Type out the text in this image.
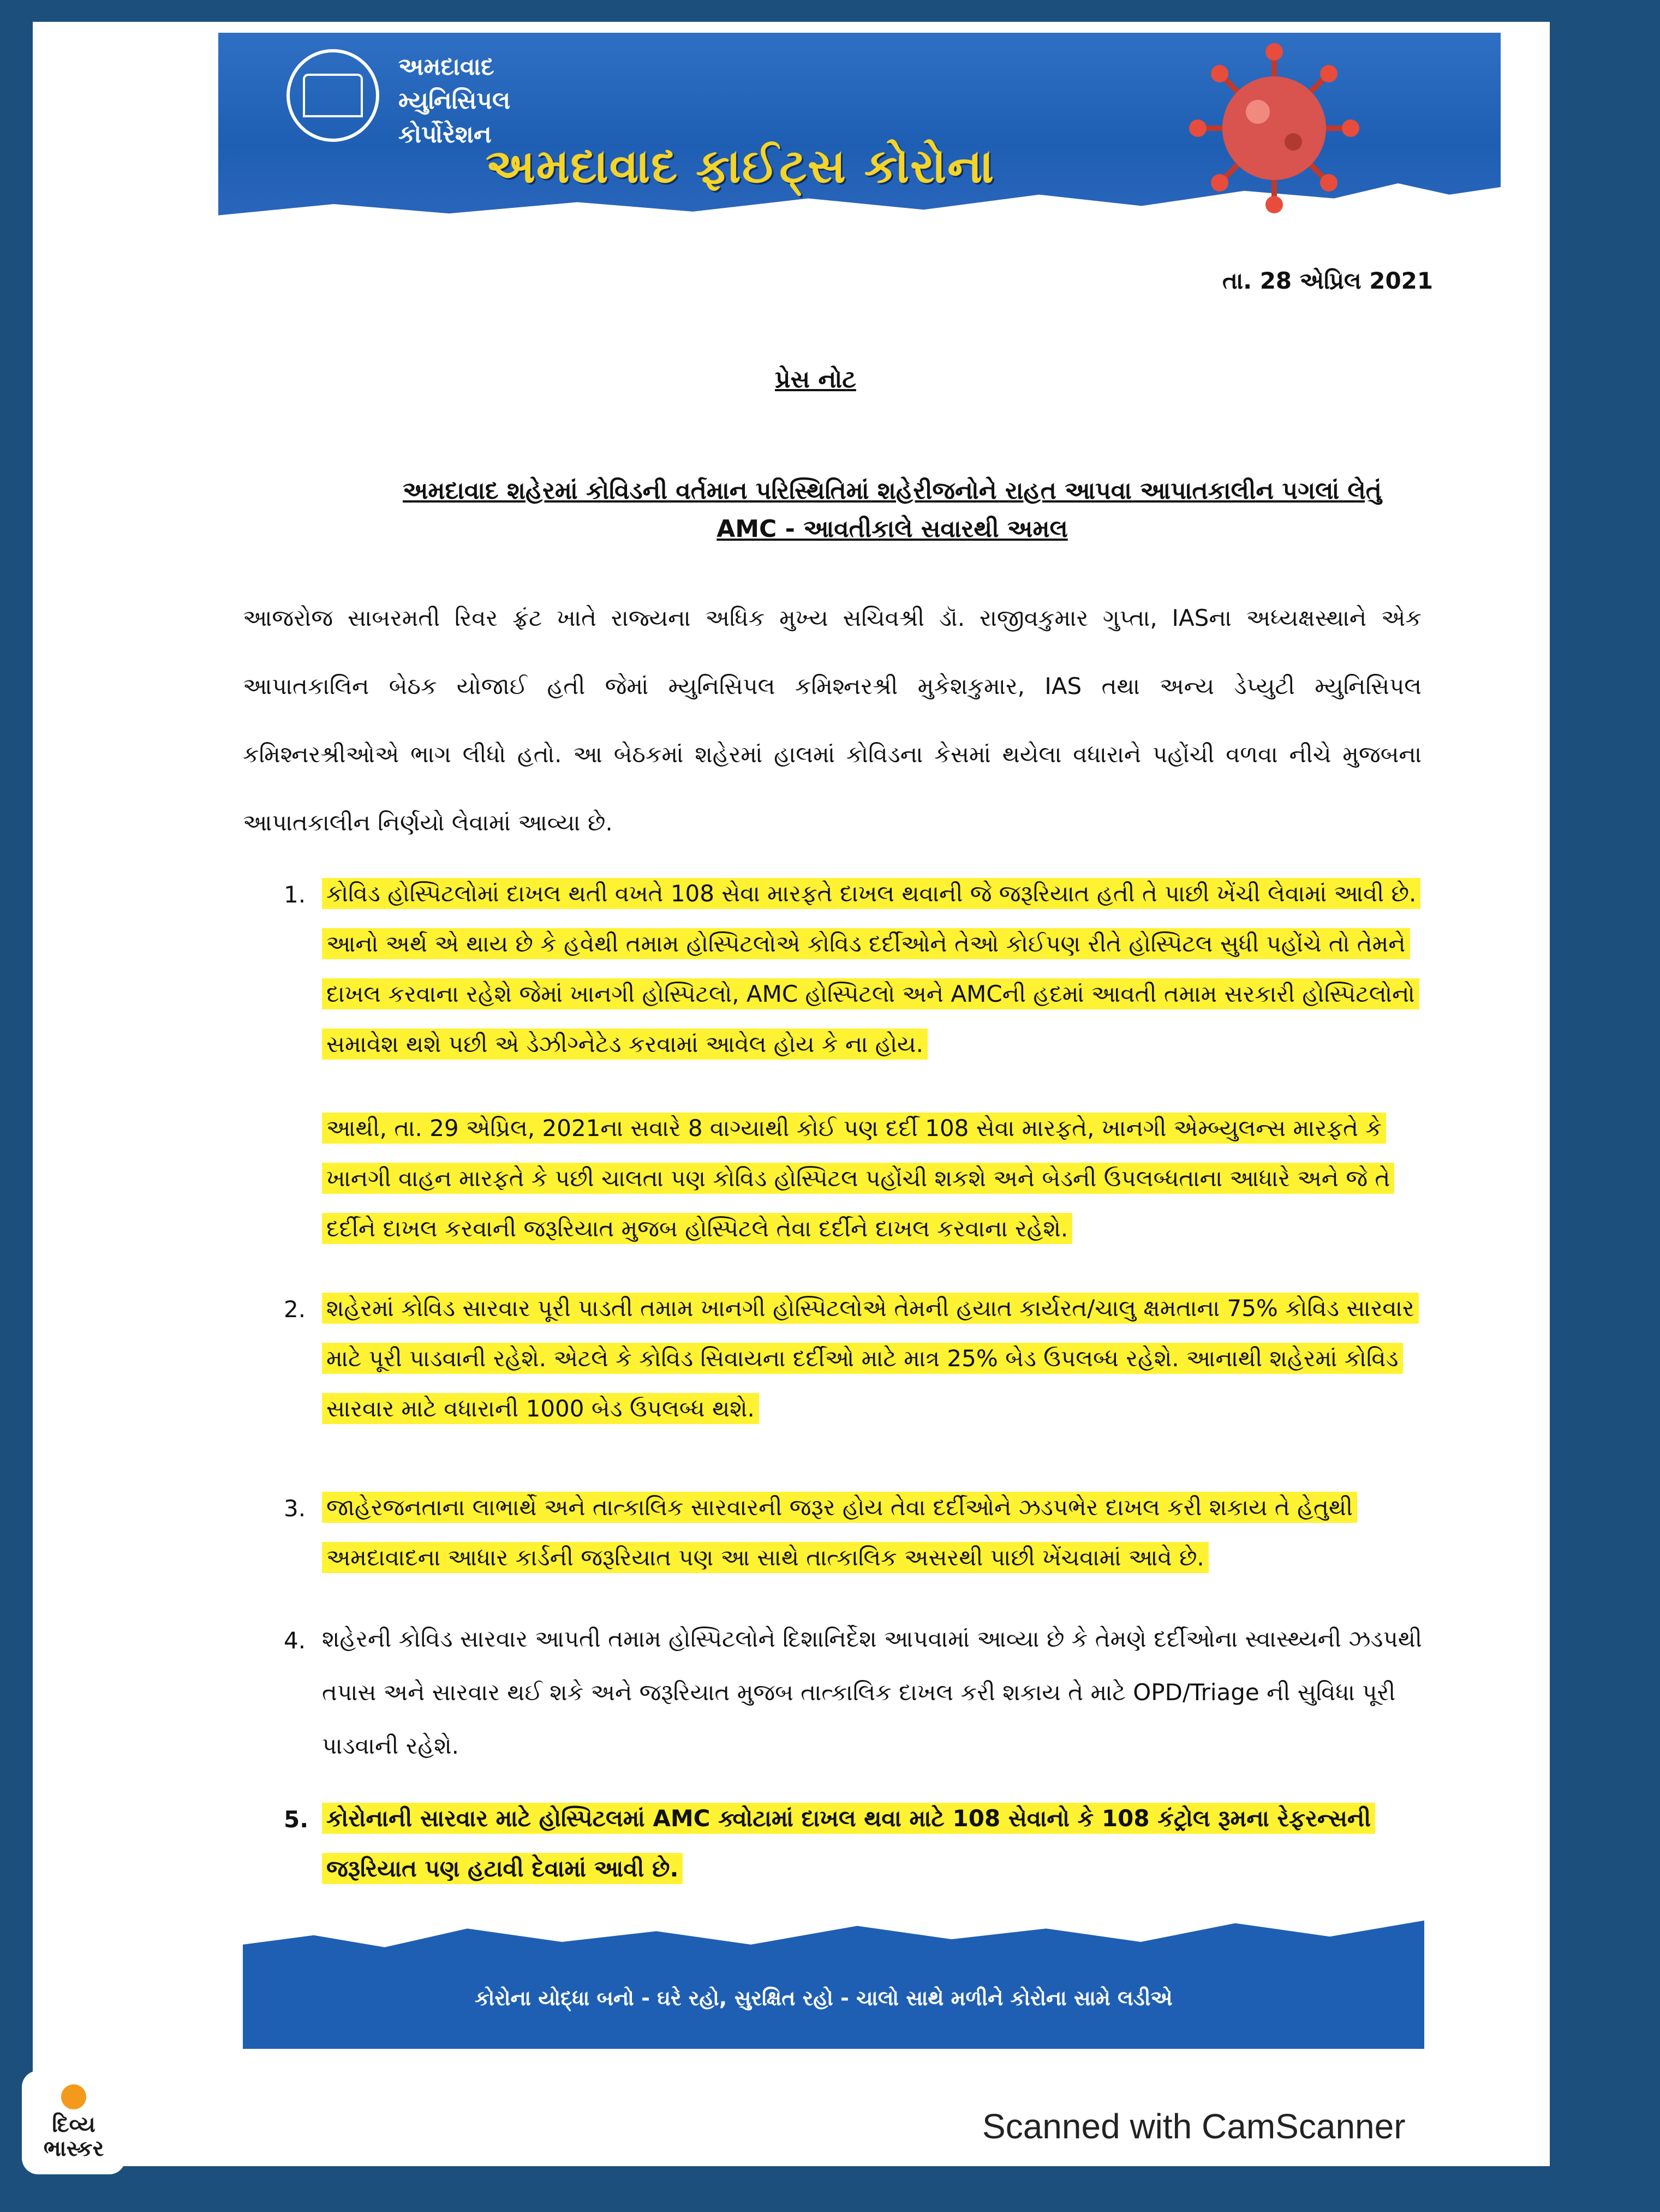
અમદાવાદ
મ્યુનિસિપલ
કોર્પોરેશન
અમદાવાદ ફાઈટ્સ કોરોના
તા. 28 એપ્રિલ 2021
પ્રેસ નોટ
અમદાવાદ શહેરમાં કોવિડની વર્તમાન પરિસ્થિતિમાં શહેરીજનોને રાહત આપવા આપાતકાલીન પગલાં લેતું
AMC - આવતીકાલે સવારથી અમલ
આજરોજ સાબરમતી રિવર ફ્રંટ ખાતે રાજ્યના અધિક મુખ્ય સચિવશ્રી ડૉ. રાજીવકુમાર ગુપ્તા, IASના અધ્યક્ષસ્થાને એક આપાતકાલિન બેઠક યોજાઈ હતી જેમાં મ્યુનિસિપલ કમિશ્નરશ્રી મુકેશકુમાર, IAS તથા અન્ય ડેપ્યુટી મ્યુનિસિપલ કમિશ્નરશ્રીઓએ ભાગ લીધો હતો. આ બેઠકમાં શહેરમાં હાલમાં કોવિડના કેસમાં થયેલા વધારાને પહોંચી વળવા નીચે મુજબના આપાતકાલીન નિર્ણયો લેવામાં આવ્યા છે.
1. કોવિડ હોસ્પિટલોમાં દાખલ થતી વખતે 108 સેવા મારફતે દાખલ થવાની જે જરૂરિયાત હતી તે પાછી ખેંચી લેવામાં આવી છે. આનો અર્થ એ થાય છે કે હવેથી તમામ હોસ્પિટલોએ કોવિડ દર્દીઓને તેઓ કોઈપણ રીતે હોસ્પિટલ સુધી પહોંચે તો તેમને દાખલ કરવાના રહેશે જેમાં ખાનગી હોસ્પિટલો, AMC હોસ્પિટલો અને AMCની હદમાં આવતી તમામ સરકારી હોસ્પિટલોનો સમાવેશ થશે પછી એ ડેઝીગ્નેટેડ કરવામાં આવેલ હોય કે ના હોય.
આથી, તા. 29 એપ્રિલ, 2021ના સવારે 8 વાગ્યાથી કોઈ પણ દર્દી 108 સેવા મારફતે, ખાનગી એમ્બ્યુલન્સ મારફતે કે ખાનગી વાહન મારફતે કે પછી ચાલતા પણ કોવિડ હોસ્પિટલ પહોંચી શકશે અને બેડની ઉપલબ્ધતાના આધારે અને જે તે દર્દીને દાખલ કરવાની જરૂરિયાત મુજબ હોસ્પિટલે તેવા દર્દીને દાખલ કરવાના રહેશે.
2. શહેરમાં કોવિડ સારવાર પૂરી પાડતી તમામ ખાનગી હોસ્પિટલોએ તેમની હયાત કાર્યરત/ચાલુ ક્ષમતાના 75% કોવિડ સારવાર માટે પૂરી પાડવાની રહેશે. એટલે કે કોવિડ સિવાયના દર્દીઓ માટે માત્ર 25% બેડ ઉપલબ્ધ રહેશે. આનાથી શહેરમાં કોવિડ સારવાર માટે વધારાની 1000 બેડ ઉપલબ્ધ થશે.
3. જાહેરજનતાના લાભાર્થે અને તાત્કાલિક સારવારની જરૂર હોય તેવા દર્દીઓને ઝડપભેર દાખલ કરી શકાય તે હેતુથી અમદાવાદના આધાર કાર્ડની જરૂરિયાત પણ આ સાથે તાત્કાલિક અસરથી પાછી ખેંચવામાં આવે છે.
4. શહેરની કોવિડ સારવાર આપતી તમામ હોસ્પિટલોને દિશાનિર્દેશ આપવામાં આવ્યા છે કે તેમણે દર્દીઓના સ્વાસ્થ્યની ઝડપથી તપાસ અને સારવાર થઈ શકે અને જરૂરિયાત મુજબ તાત્કાલિક દાખલ કરી શકાય તે માટે OPD/Triage ની સુવિધા પૂરી પાડવાની રહેશે.
5. કોરોનાની સારવાર માટે હોસ્પિટલમાં AMC ક્વોટામાં દાખલ થવા માટે 108 સેવાનો કે 108 કંટ્રોલ રૂમના રેફરન્સની જરૂરિયાત પણ હટાવી દેવામાં આવી છે.
કોરોના યોદ્ધા બનો - ઘરે રહો, સુરક્ષિત રહો - ચાલો સાથે મળીને કોરોના સામે લડીએ
Scanned with CamScanner
દિવ્ય ભાસ્કર
